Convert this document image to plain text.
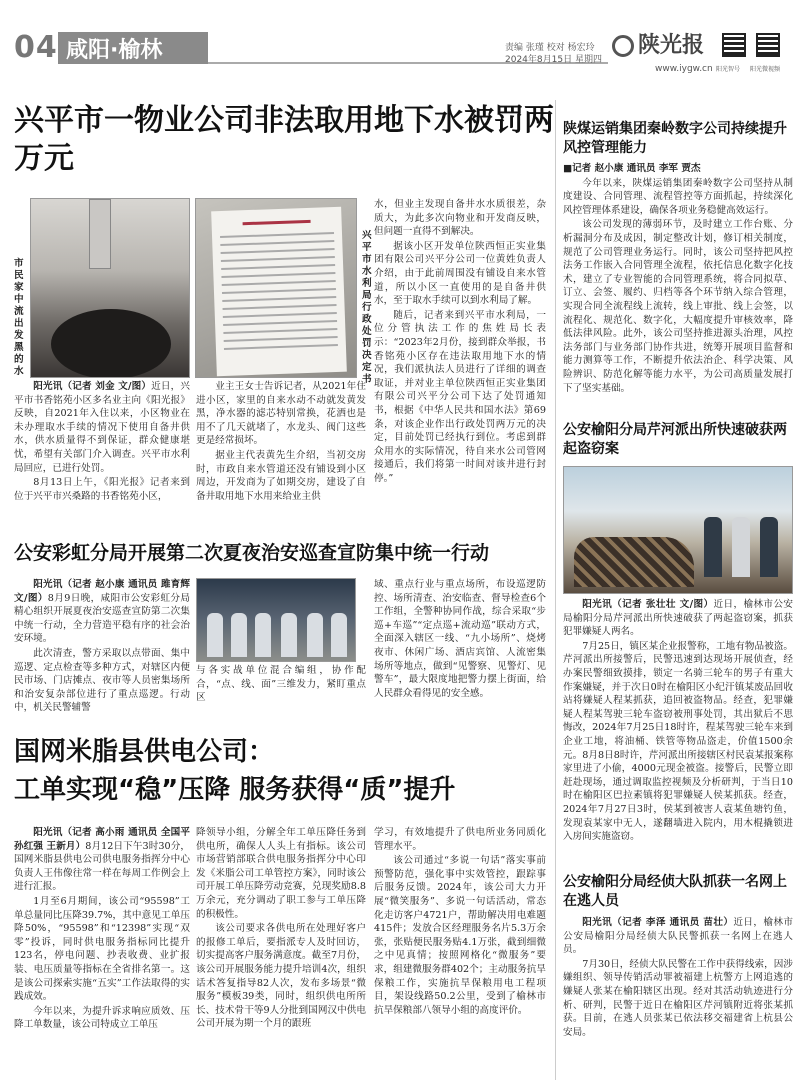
04 咸阳·榆林	责编 张瑾 校对 杨宏玲
2024年8月15日 星期四
陕光报
www.iygw.cn 阳光智号 阳光微视频
兴平市一物业公司非法取用地下水被罚两万元
市民家中流出发黑的水
兴平市水利局行政处罚决定书

阳光讯（记者 刘金 文/图）近日，兴平市书香铭苑小区多名业主向《阳光报》反映，自2021年入住以来，小区物业在未办理取水手续的情况下使用自备井供水，供水质量得不到保证，群众健康堪忧，希望有关部门介入调查。兴平市水利局回应，已进行处罚。

8月13日上午，《阳光报》记者来到位于兴平市兴桑路的书香铭苑小区，

业主王女士告诉记者，从2021年住进小区，家里的自来水动不动就发黄发黑，净水器的滤芯特别常换，花洒也是用不了几天就堵了，水龙头、阀门这些更是经常损坏。

据业主代表黄先生介绍，当初交房时，市政自来水管道还没有铺设到小区周边，开发商为了如期交房，建设了自备井取用地下水用来给业主供

水，但业主发现自备井水水质很差，杂质大，为此多次向物业和开发商反映，但问题一直得不到解决。

据该小区开发单位陕西恒正实业集团有限公司兴平分公司一位黄姓负责人介绍，由于此前周围没有铺设自来水管道，所以小区一直使用的是自备井供水，至于取水手续可以到水利局了解。

随后，记者来到兴平市水利局，一位分管执法工作的焦姓局长表示：“2023年2月份，接到群众举报，书香铭苑小区存在违法取用地下水的情况，我们派执法人员进行了详细的调查取证，并对业主单位陕西恒正实业集团有限公司兴平分公司下达了处罚通知书，根据《中华人民共和国水法》第69条，对该企业作出行政处罚两万元的决定，目前处罚已经执行到位。考虑到群众用水的实际情况，待自来水公司管网接通后，我们将第一时间对该井进行封停。”

公安彩虹分局开展第二次夏夜治安巡查宣防集中统一行动

阳光讯（记者 赵小康 通讯员 雎育辉 文/图）8月9日晚，咸阳市公安彩虹分局精心组织开展夏夜治安巡查宣防第二次集中统一行动，全力营造平稳有序的社会治安环境。

此次清查，警方采取以点带面、集中巡逻、定点检查等多种方式，对辖区内便民市场、门店摊点、夜市等人员密集场所和治安复杂部位进行了重点巡逻。行动中，机关民警辅警

与各实战单位混合编组，协作配合，“点、线、面”三维发力，紧盯重点区

域、重点行业与重点场所，布设巡逻防控、场所清查、治安临查、督导检查6个工作组，全警种协同作战，综合采取“步巡+车巡”“定点巡+流动巡”联动方式，全面深入辖区一线、“九小场所”、烧烤夜市、休闲广场、酒店宾馆、人流密集场所等地点，做到“见警察、见警灯、见警车”，最大限度地把警力摆上街面，给人民群众看得见的安全感。

国网米脂县供电公司：
工单实现“稳”压降 服务获得“质”提升

阳光讯（记者 高小雨 通讯员 全国平 孙红强 王新月）8月12日下午3时30分，国网米脂县供电公司供电服务指挥分中心负责人王伟像往常一样在每周工作例会上进行汇报。

1月至6月期间，该公司“95598”工单总量同比压降39.7%，其中意见工单压降50%，“95598”和“12398”实现“双零”投诉，同时供电服务指标同比提升123名，停电问题、抄表收费、业扩报装、电压质量等指标在全省排名第一。这是该公司探索实施“五实”工作法取得的实践成效。

今年以来，为提升诉求响应质效、压降工单数量，该公司特成立工单压

降领导小组，分解全年工单压降任务到供电所，确保人人头上有指标。该公司市场营销部联合供电服务指挥分中心印发《米脂公司工单管控方案》，同时该公司开展工单压降劳动竞赛，兑现奖励8.8万余元，充分调动了职工参与工单压降的积极性。

该公司要求各供电所在处理好客户的报修工单后，要指派专人及时回访，切实提高客户服务满意度。截至7月份，该公司开展服务能力提升培训4次，组织话术答复指导82人次，发布多场景“微服务”模板39类，同时，组织供电所所长、技术骨干等9人分批到国网汉中供电公司开展为期一个月的跟班

学习，有效地提升了供电所业务同质化管理水平。

该公司通过“多说一句话”落实事前预警防范，强化事中实效管控，跟踪事后服务反馈。2024年，该公司大力开展“微笑服务”、多说一句话活动，常态化走访客户4721户，帮助解决用电难题415件；发放合区经理服务名片5.3万余张，张贴便民服务贴4.1万张，截到细微之中见真情；按照网格化“微服务”要求，组建微服务群402个；主动服务抗旱保粮工作，实施抗旱保粮用电工程项目，架设线路50.2公里，受到了榆林市抗旱保粮部八领导小组的高度评价。

陕煤运销集团秦岭数字公司持续提升风控管理能力

■记者 赵小康 通讯员 李军 贾杰

今年以来，陕煤运销集团秦岭数字公司坚持从制度建设、合同管理、流程管控等方面抓起，持续深化风控管理体系建设，确保各项业务稳健高效运行。

该公司发现的薄弱环节，及时建立工作台账、分析漏洞分布及成因，制定整改计划，修订相关制度，规范了公司管理业务运行。同时，该公司坚持把风控法务工作嵌入合同管理全流程，依托信息化数字化技术，建立了专业智能的合同管理系统，将合同拟草、订立、会签、履约、归档等各个环节纳入综合管理，实现合同全流程线上流转，线上审批、线上会签，以流程化、规范化、数字化，大幅度提升审核效率，降低法律风险。此外，该公司坚持推进源头治理，风控法务部门与业务部门协作共进，统筹开展项目监督和能力测算等工作，不断提升依法治企、科学决策、风险辨识、防范化解等能力水平，为公司高质量发展打下了坚实基础。

公安榆阳分局芹河派出所快速破获两起盗窃案

阳光讯（记者 张壮壮 文/图）近日，榆林市公安局榆阳分局芹河派出所快速破获了两起盗窃案，抓获犯罪嫌疑人两名。

7月25日，镇区某企业报警称，工地有物品被盗。芹河派出所接警后，民警迅速到达现场开展侦查，经办案民警细致摸排，锁定一名骑三轮车的男子有重大作案嫌疑，并于次日0时在榆阳区小纪汗镇某废品回收站将嫌疑人程某抓获，追回被盗物品。经查，犯罪嫌疑人程某驾驶三轮车盗窃被刑事处罚，其出狱后不思悔改，2024年7月25日18时许，程某驾驶三轮车来到企业工地，将油桶、铁管等物品盗走，价值1500余元。8月8日8时许，芹河派出所接辖区村民袁某报案称家里进了小偷，4000元现金被盗。接警后，民警立即赶赴现场，通过调取监控视频及分析研判，于当日10时在榆阳区巴拉素镇将犯罪嫌疑人侯某抓获。经查，2024年7月27日3时，侯某到被害人袁某鱼塘钓鱼，发现袁某家中无人，遂翻墙进入院内，用木棍撬锁进入房间实施盗窃。

公安榆阳分局经侦大队抓获一名网上在逃人员

阳光讯（记者 李泽 通讯员 苗壮）近日，榆林市公安局榆阳分局经侦大队民警抓获一名网上在逃人员。

7月30日，经侦大队民警在工作中获得线索，因涉嫌组织、领导传销活动罪被福建上杭警方上网追逃的嫌疑人张某在榆阳辖区出现。经对其活动轨迹进行分析、研判，民警于近日在榆阳区芹河镇附近将张某抓获。目前，在逃人员张某已依法移交福建省上杭县公安局。
